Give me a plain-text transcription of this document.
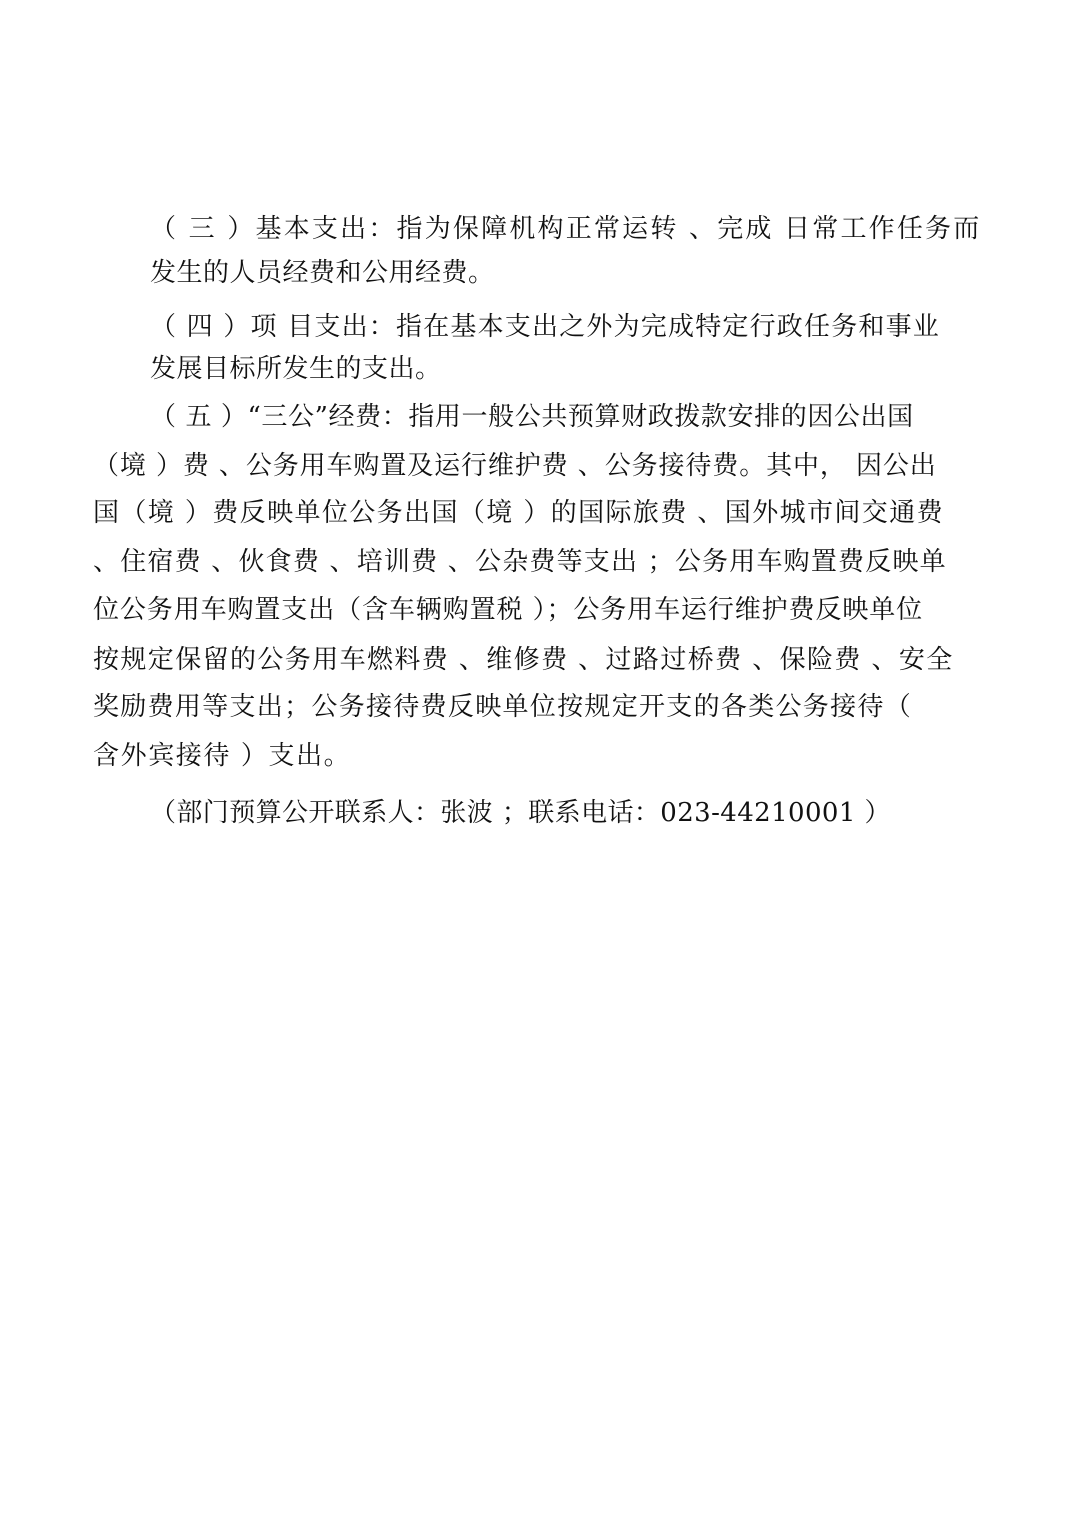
（ 三 ）基本支出：指为保障机构正常运转 、完成 日常工作任务而
发生的人员经费和公用经费。
（ 四 ）项 目支出：指在基本支出之外为完成特定行政任务和事业
发展目标所发生的支出。
（ 五 ）“三公”经费：指用一般公共预算财政拨款安排的因公出国
（境 ）费 、公务用车购置及运行维护费 、公务接待费。其中， 因公出
国（境 ）费反映单位公务出国（境 ）的国际旅费 、国外城市间交通费
、住宿费 、伙食费 、培训费 、公杂费等支出 ；公务用车购置费反映单
位公务用车购置支出（含车辆购置税 ）；公务用车运行维护费反映单位
按规定保留的公务用车燃料费 、维修费 、过路过桥费 、保险费 、安全
奖励费用等支出；公务接待费反映单位按规定开支的各类公务接待（
含外宾接待 ）支出。
（部门预算公开联系人：张波 ；联系电话：023-44210001 ）
